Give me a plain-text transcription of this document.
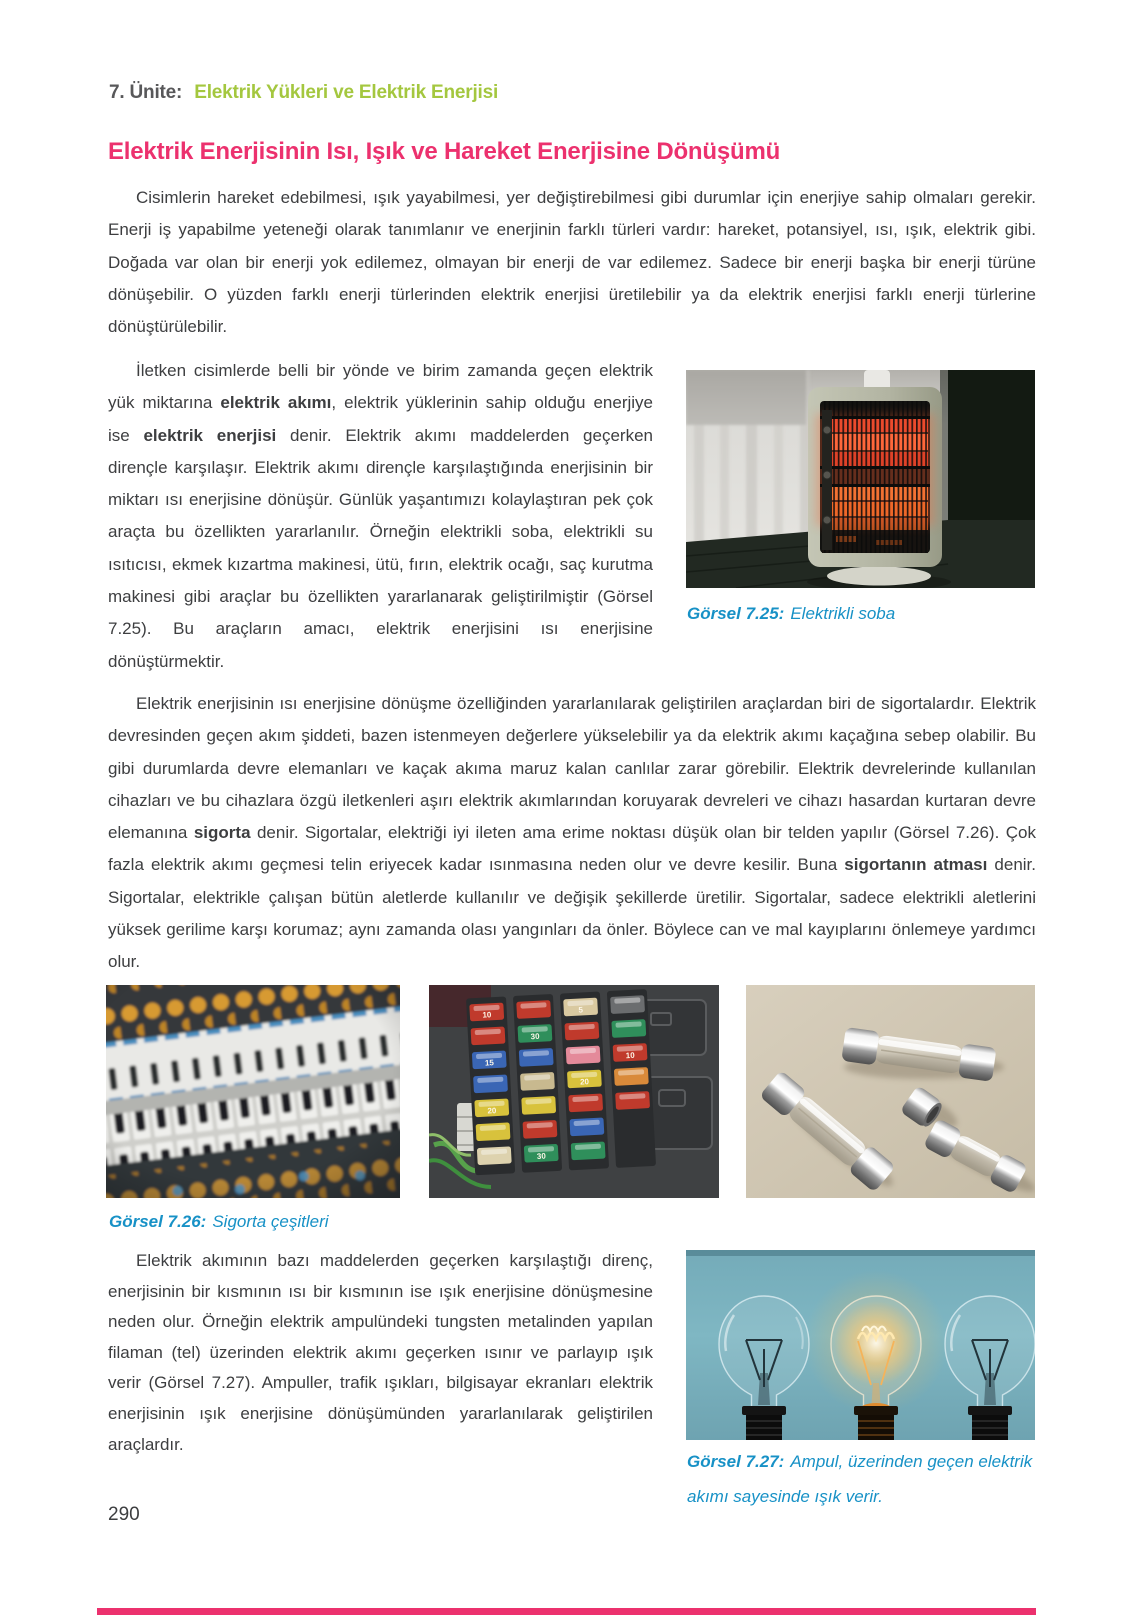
7. Ünite: Elektrik Yükleri ve Elektrik Enerjisi
Elektrik Enerjisinin Isı, Işık ve Hareket Enerjisine Dönüşümü

Cisimlerin hareket edebilmesi, ışık yayabilmesi, yer değiştirebilmesi gibi durumlar için enerjiye sahip olmaları gerekir. Enerji iş yapabilme yeteneği olarak tanımlanır ve enerjinin farklı türleri vardır: hareket, potansiyel, ısı, ışık, elektrik gibi. Doğada var olan bir enerji yok edilemez, olmayan bir enerji de var edilemez. Sadece bir enerji başka bir enerji türüne dönüşebilir. O yüzden farklı enerji türlerinden elektrik enerjisi üretilebilir ya da elektrik enerjisi farklı enerji türlerine dönüştürülebilir.

İletken cisimlerde belli bir yönde ve birim zamanda geçen elektrik yük miktarına elektrik akımı, elektrik yüklerinin sahip olduğu enerjiye ise elektrik enerjisi denir. Elektrik akımı maddelerden geçerken dirençle karşılaşır. Elektrik akımı dirençle karşılaştığında enerjisinin bir miktarı ısı enerjisine dönüşür. Günlük yaşantımızı kolaylaştıran pek çok araçta bu özellikten yararlanılır. Örneğin elektrikli soba, elektrikli su ısıtıcısı, ekmek kızartma makinesi, ütü, fırın, elektrik ocağı, saç kurutma makinesi gibi araçlar bu özellikten yararlanarak geliştirilmiştir (Görsel 7.25). Bu araçların amacı, elektrik enerjisini ısı enerjisine dönüştürmektir.

Görsel 7.25: Elektrikli soba

Elektrik enerjisinin ısı enerjisine dönüşme özelliğinden yararlanılarak geliştirilen araçlardan biri de sigortalardır. Elektrik devresinden geçen akım şiddeti, bazen istenmeyen değerlere yükselebilir ya da elektrik akımı kaçağına sebep olabilir. Bu gibi durumlarda devre elemanları ve kaçak akıma maruz kalan canlılar zarar görebilir. Elektrik devrelerinde kullanılan cihazları ve bu cihazlara özgü iletkenleri aşırı elektrik akımlarından koruyarak devreleri ve cihazı hasardan kurtaran devre elemanına sigorta denir. Sigortalar, elektriği iyi ileten ama erime noktası düşük olan bir telden yapılır (Görsel 7.26). Çok fazla elektrik akımı geçmesi telin eriyecek kadar ısınmasına neden olur ve devre kesilir. Buna sigortanın atması denir. Sigortalar, elektrikle çalışan bütün aletlerde kullanılır ve değişik şekillerde üretilir. Sigortalar, sadece elektrikli aletlerini yüksek gerilime karşı korumaz; aynı zamanda olası yangınları da önler. Böylece can ve mal kayıplarını önlemeye yardımcı olur.

10
15
20
30
5
20
10
30

Görsel 7.26: Sigorta çeşitleri

Elektrik akımının bazı maddelerden geçerken karşılaştığı direnç, enerjisinin bir kısmının ısı bir kısmının ise ışık enerjisine dönüşmesine neden olur. Örneğin elektrik ampulündeki tungsten metalinden yapılan filaman (tel) üzerinden elektrik akımı geçerken ısınır ve parlayıp ışık verir (Görsel 7.27). Ampuller, trafik ışıkları, bilgisayar ekranları elektrik enerjisinin ışık enerjisine dönüşümünden yararlanılarak geliştirilen araçlardır.

Görsel 7.27: Ampul, üzerinden geçen elektrik akımı sayesinde ışık verir.

290
